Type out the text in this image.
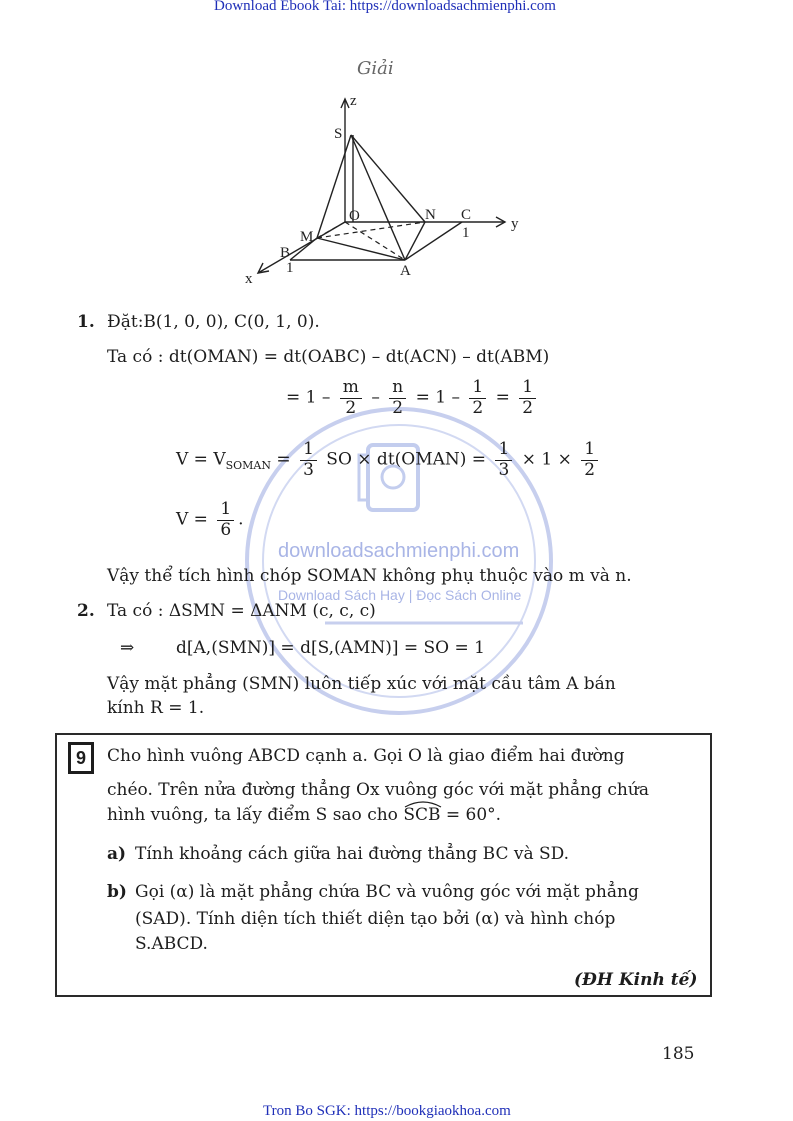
Download Ebook Tai: https://downloadsachmienphi.com
Tron Bo SGK: https://bookgiaokhoa.com
Giải
z
y
x
S
O	N C
M
B
A
1
1
downloadsachmienphi.com
Download Sách Hay | Đọc Sách Online
1. Đặt:B(1, 0, 0), C(0, 1, 0).
Ta có : dt(OMAN) = dt(OABC) – dt(ACN) – dt(ABM)
= $1 - \frac{m}{2} - \frac{n}{2} = 1 - \frac{1}{2} = \frac{1}{2}$
$V = V_{SOMAN} = \frac{1}{3}$ SO × dt(OMAN) = $\frac{1}{3} \times 1 \times \frac{1}{2}$
$V = \frac{1}{6}$ .
Vậy thể tích hình chóp SOMAN không phụ thuộc vào m và n.
2. Ta có : ΔSMN = ΔANM (c, c, c)
⇒ d[A,(SMN)] = d[S,(AMN)] = SO = 1
Vậy mặt phẳng (SMN) luôn tiếp xúc với mặt cầu tâm A bán
kính R = 1.
9	Cho hình vuông ABCD cạnh a. Gọi O là giao điểm hai đường
chéo. Trên nửa đường thẳng Ox vuông góc với mặt phẳng chứa
hình vuông, ta lấy điểm S sao cho SCB = 60°.
a) Tính khoảng cách giữa hai đường thẳng BC và SD.
b) Gọi (α) là mặt phẳng chứa BC và vuông góc với mặt phẳng
(SAD). Tính diện tích thiết diện tạo bởi (α) và hình chóp
S.ABCD.
(ĐH Kinh tế)
185
